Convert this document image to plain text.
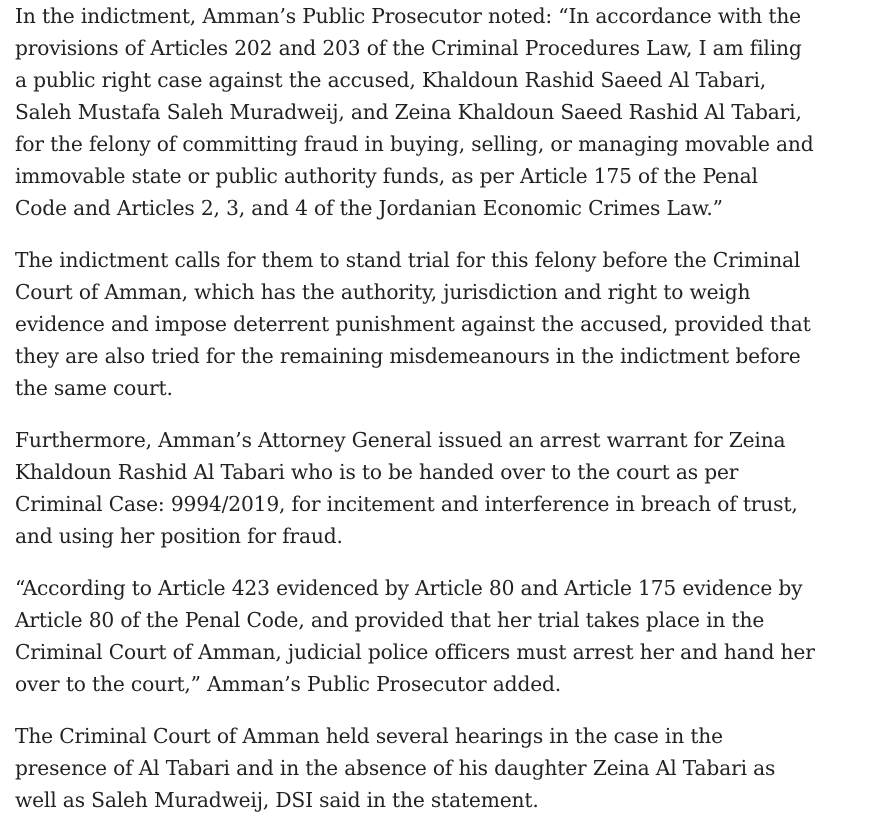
In the indictment, Amman’s Public Prosecutor noted: “In accordance with the provisions of Articles 202 and 203 of the Criminal Procedures Law, I am filing a public right case against the accused, Khaldoun Rashid Saeed Al Tabari, Saleh Mustafa Saleh Muradweij, and Zeina Khaldoun Saeed Rashid Al Tabari, for the felony of committing fraud in buying, selling, or managing movable and immovable state or public authority funds, as per Article 175 of the Penal Code and Articles 2, 3, and 4 of the Jordanian Economic Crimes Law.”

The indictment calls for them to stand trial for this felony before the Criminal Court of Amman, which has the authority, jurisdiction and right to weigh evidence and impose deterrent punishment against the accused, provided that they are also tried for the remaining misdemeanours in the indictment before the same court.

Furthermore, Amman’s Attorney General issued an arrest warrant for Zeina Khaldoun Rashid Al Tabari who is to be handed over to the court as per Criminal Case: 9994/2019, for incitement and interference in breach of trust, and using her position for fraud.

“According to Article 423 evidenced by Article 80 and Article 175 evidence by Article 80 of the Penal Code, and provided that her trial takes place in the Criminal Court of Amman, judicial police officers must arrest her and hand her over to the court,” Amman’s Public Prosecutor added.

The Criminal Court of Amman held several hearings in the case in the presence of Al Tabari and in the absence of his daughter Zeina Al Tabari as well as Saleh Muradweij, DSI said in the statement.
